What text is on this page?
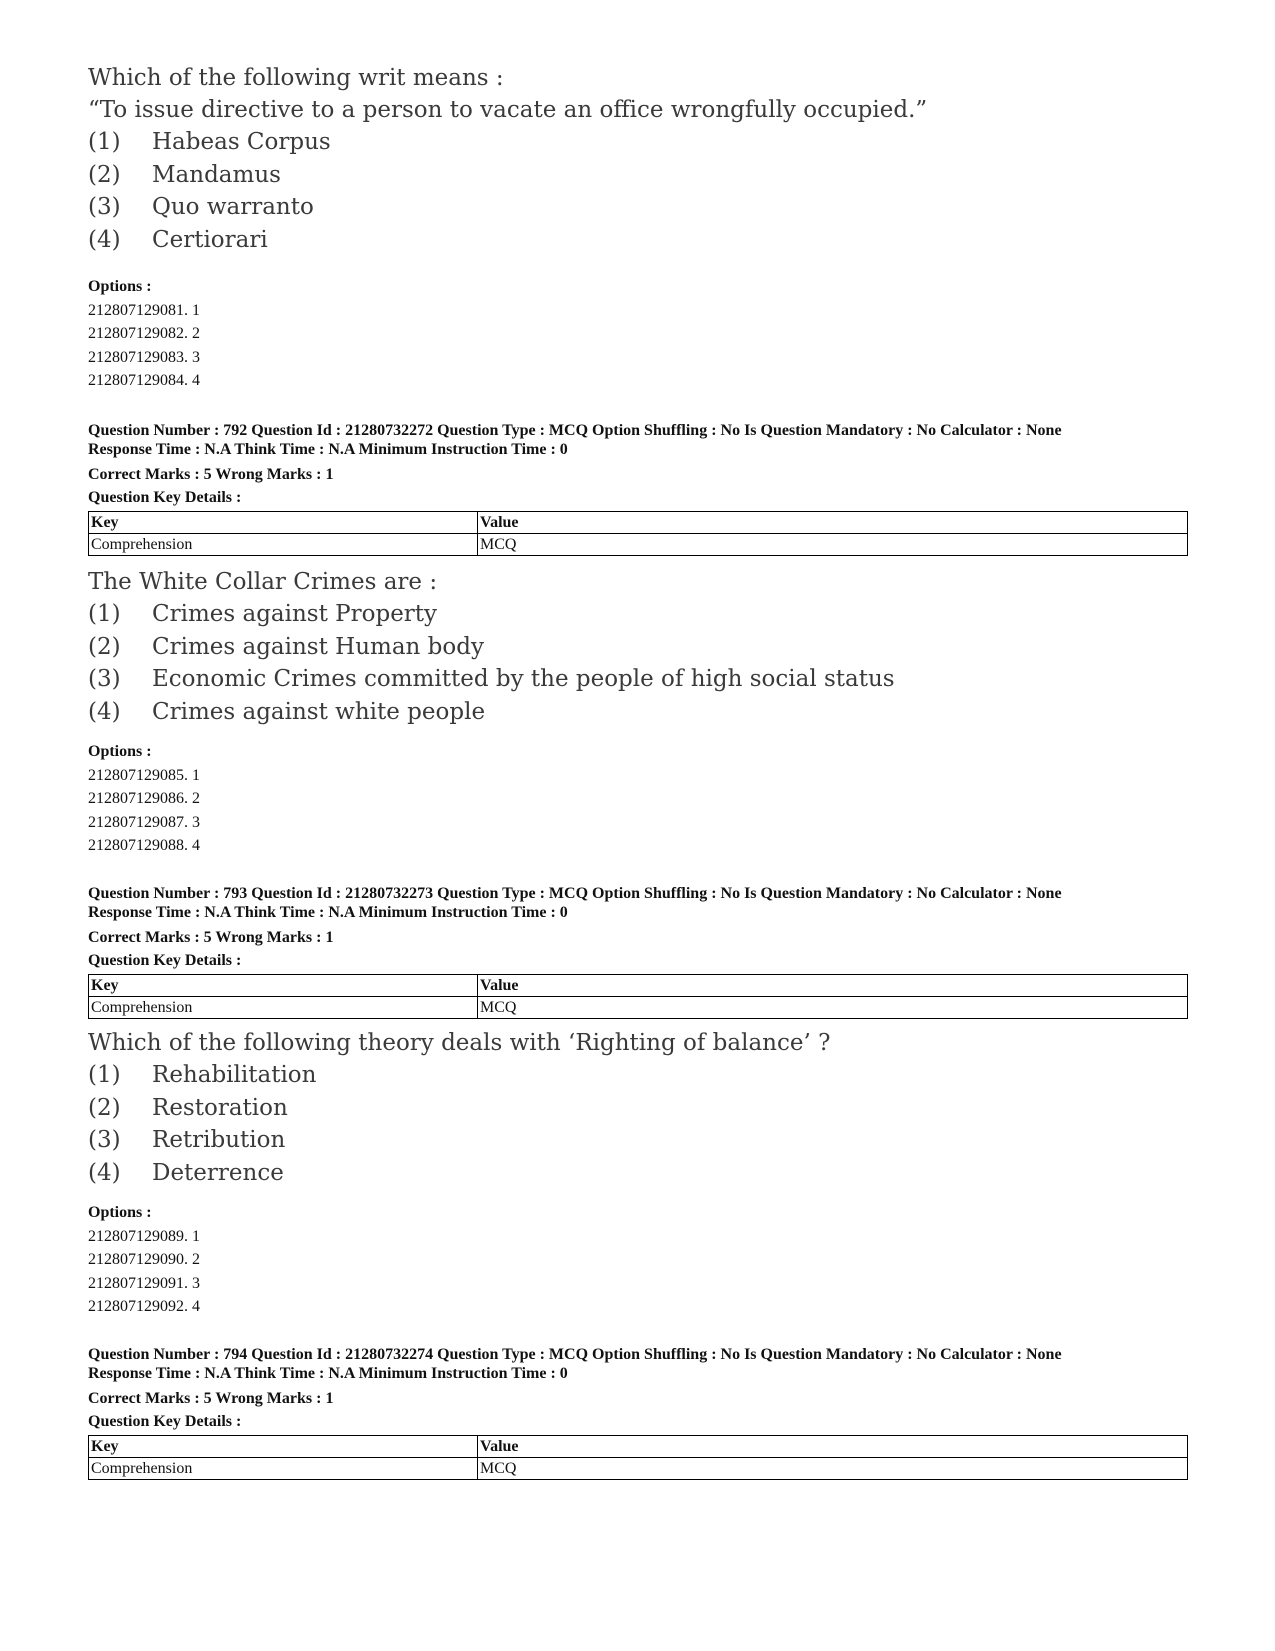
Which of the following writ means :
“To issue directive to a person to vacate an office wrongfully occupied.”
(1)	Habeas Corpus
(2)	Mandamus
(3)	Quo warranto
(4)	Certiorari
Options :
212807129081. 1
212807129082. 2
212807129083. 3
212807129084. 4
Question Number : 792 Question Id : 21280732272 Question Type : MCQ Option Shuffling : No Is Question Mandatory : No Calculator : None
Response Time : N.A Think Time : N.A Minimum Instruction Time : 0
Correct Marks : 5 Wrong Marks : 1
Question Key Details :
Key	Value
Comprehension	MCQ
The White Collar Crimes are :
(1)	Crimes against Property
(2)	Crimes against Human body
(3)	Economic Crimes committed by the people of high social status
(4)	Crimes against white people
Options :
212807129085. 1
212807129086. 2
212807129087. 3
212807129088. 4
Question Number : 793 Question Id : 21280732273 Question Type : MCQ Option Shuffling : No Is Question Mandatory : No Calculator : None
Response Time : N.A Think Time : N.A Minimum Instruction Time : 0
Correct Marks : 5 Wrong Marks : 1
Question Key Details :
Key	Value
Comprehension	MCQ
Which of the following theory deals with ‘Righting of balance’ ?
(1)	Rehabilitation
(2)	Restoration
(3)	Retribution
(4)	Deterrence
Options :
212807129089. 1
212807129090. 2
212807129091. 3
212807129092. 4
Question Number : 794 Question Id : 21280732274 Question Type : MCQ Option Shuffling : No Is Question Mandatory : No Calculator : None
Response Time : N.A Think Time : N.A Minimum Instruction Time : 0
Correct Marks : 5 Wrong Marks : 1
Question Key Details :
Key	Value
Comprehension	MCQ
